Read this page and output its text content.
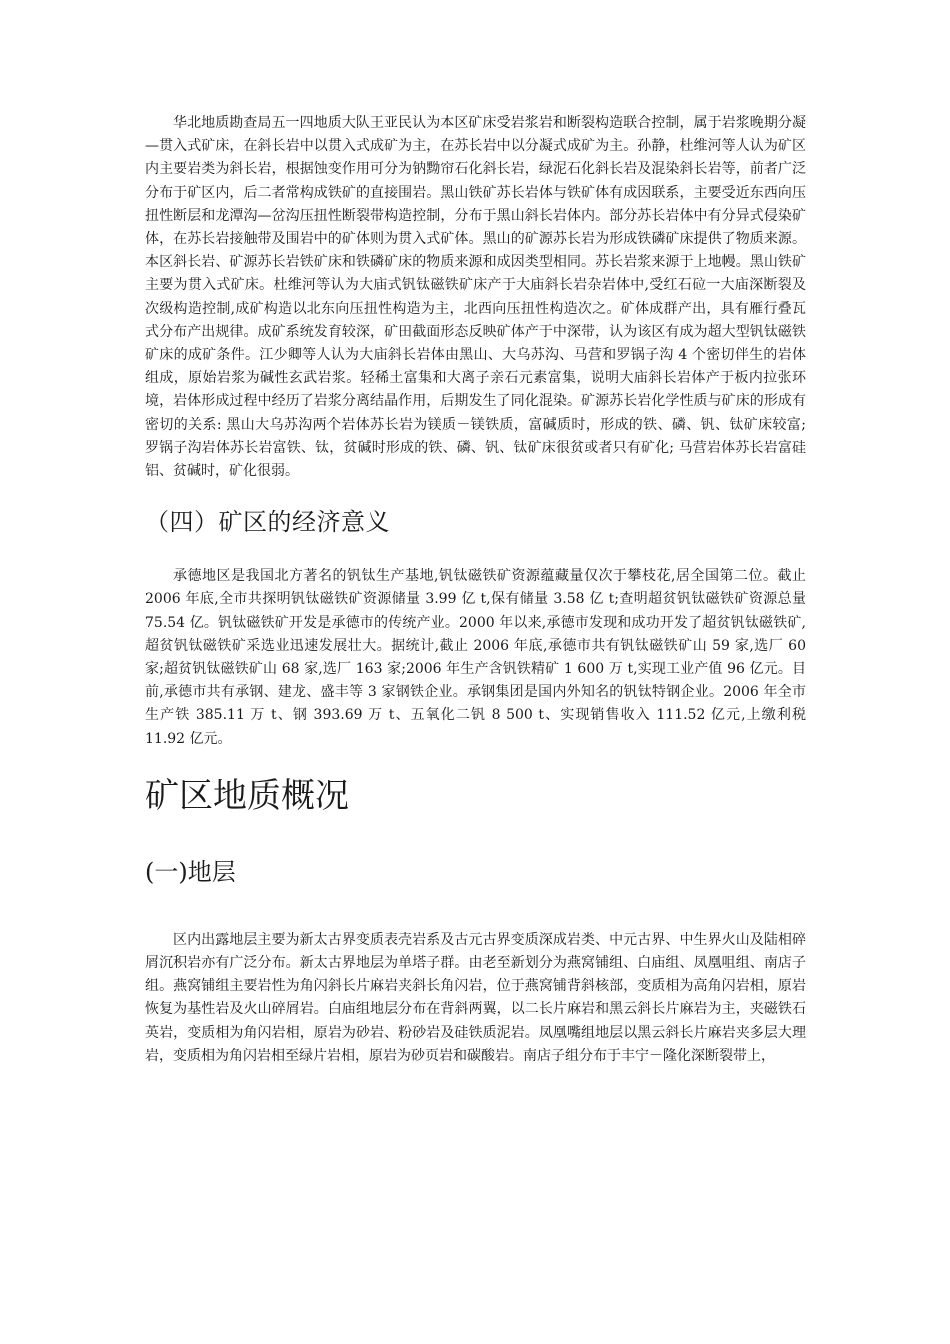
华北地质勘查局五一四地质大队王亚民认为本区矿床受岩浆岩和断裂构造联合控制，属于岩浆晚期分凝—贯入式矿床，在斜长岩中以贯入式成矿为主，在苏长岩中以分凝式成矿为主。孙静，杜维河等人认为矿区内主要岩类为斜长岩，根据蚀变作用可分为钠黝帘石化斜长岩，绿泥石化斜长岩及混染斜长岩等，前者广泛分布于矿区内，后二者常构成铁矿的直接围岩。黑山铁矿苏长岩体与铁矿体有成因联系，主要受近东西向压扭性断层和龙潭沟—岔沟压扭性断裂带构造控制，分布于黑山斜长岩体内。部分苏长岩体中有分异式侵染矿体，在苏长岩接触带及围岩中的矿体则为贯入式矿体。黑山的矿源苏长岩为形成铁磷矿床提供了物质来源。本区斜长岩、矿源苏长岩铁矿床和铁磷矿床的物质来源和成因类型相同。苏长岩浆来源于上地幔。黑山铁矿主要为贯入式矿床。杜维河等认为大庙式钒钛磁铁矿床产于大庙斜长岩杂岩体中,受红石砬一大庙深断裂及次级构造控制,成矿构造以北东向压扭性构造为主，北西向压扭性构造次之。矿体成群产出，具有雁行叠瓦式分布产出规律。成矿系统发育较深，矿田截面形态反映矿体产于中深带，认为该区有成为超大型钒钛磁铁矿床的成矿条件。江少卿等人认为大庙斜长岩体由黑山、大乌苏沟、马营和罗锅子沟 4 个密切伴生的岩体组成，原始岩浆为碱性玄武岩浆。轻稀土富集和大离子亲石元素富集，说明大庙斜长岩体产于板内拉张环境，岩体形成过程中经历了岩浆分离结晶作用，后期发生了同化混染。矿源苏长岩化学性质与矿床的形成有密切的关系: 黑山大乌苏沟两个岩体苏长岩为镁质－镁铁质，富碱质时，形成的铁、磷、钒、钛矿床较富; 罗锅子沟岩体苏长岩富铁、钛，贫碱时形成的铁、磷、钒、钛矿床很贫或者只有矿化; 马营岩体苏长岩富硅铝、贫碱时，矿化很弱。

（四）矿区的经济意义

承德地区是我国北方著名的钒钛生产基地,钒钛磁铁矿资源蕴藏量仅次于攀枝花,居全国第二位。截止 2006 年底,全市共探明钒钛磁铁矿资源储量 3.99 亿 t,保有储量 3.58 亿 t;查明超贫钒钛磁铁矿资源总量 75.54 亿。钒钛磁铁矿开发是承德市的传统产业。2000 年以来,承德市发现和成功开发了超贫钒钛磁铁矿,超贫钒钛磁铁矿采选业迅速发展壮大。据统计,截止 2006 年底,承德市共有钒钛磁铁矿山 59 家,选厂 60 家;超贫钒钛磁铁矿山 68 家,选厂 163 家;2006 年生产含钒铁精矿 1 600 万 t,实现工业产值 96 亿元。目前,承德市共有承钢、建龙、盛丰等 3 家钢铁企业。承钢集团是国内外知名的钒钛特钢企业。2006 年全市生产铁 385.11 万 t、钢 393.69 万 t、五氧化二钒 8 500 t、实现销售收入 111.52 亿元,上缴利税 11.92 亿元。

矿区地质概况
(一)地层

区内出露地层主要为新太古界变质表壳岩系及古元古界变质深成岩类、中元古界、中生界火山及陆相碎屑沉积岩亦有广泛分布。新太古界地层为单塔子群。由老至新划分为燕窝铺组、白庙组、凤凰咀组、南店子组。燕窝铺组主要岩性为角闪斜长片麻岩夹斜长角闪岩，位于燕窝铺背斜核部，变质相为高角闪岩相，原岩恢复为基性岩及火山碎屑岩。白庙组地层分布在背斜两翼，以二长片麻岩和黑云斜长片麻岩为主，夹磁铁石英岩，变质相为角闪岩相，原岩为砂岩、粉砂岩及硅铁质泥岩。凤凰嘴组地层以黑云斜长片麻岩夹多层大理岩，变质相为角闪岩相至绿片岩相，原岩为砂页岩和碳酸岩。南店子组分布于丰宁－隆化深断裂带上，
